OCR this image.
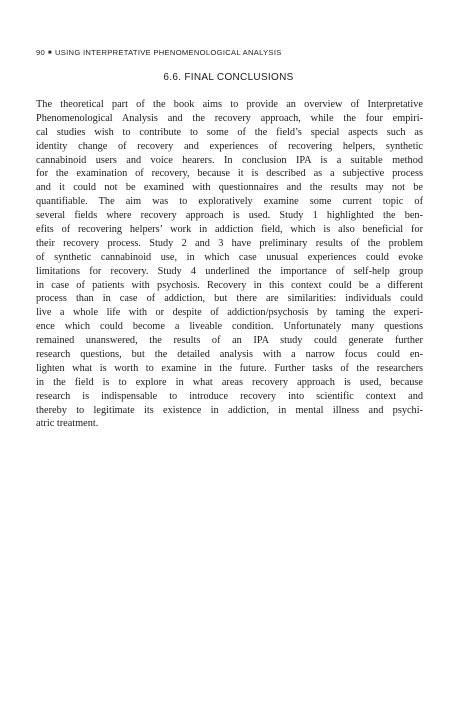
90 ■ USING INTERPRETATIVE PHENOMENOLOGICAL ANALYSIS
6.6. FINAL CONCLUSIONS
The theoretical part of the book aims to provide an overview of Interpretative
Phenomenological Analysis and the recovery approach, while the four empiri-
cal studies wish to contribute to some of the field’s special aspects such as
identity change of recovery and experiences of recovering helpers, synthetic
cannabinoid users and voice hearers. In conclusion IPA is a suitable method
for the examination of recovery, because it is described as a subjective process
and it could not be examined with questionnaires and the results may not be
quantifiable. The aim was to exploratively examine some current topic of
several fields where recovery approach is used. Study 1 highlighted the ben-
efits of recovering helpers’ work in addiction field, which is also beneficial for
their recovery process. Study 2 and 3 have preliminary results of the problem
of synthetic cannabinoid use, in which case unusual experiences could evoke
limitations for recovery. Study 4 underlined the importance of self-help group
in case of patients with psychosis. Recovery in this context could be a different
process than in case of addiction, but there are similarities: individuals could
live a whole life with or despite of addiction/psychosis by taming the experi-
ence which could become a liveable condition. Unfortunately many questions
remained unanswered, the results of an IPA study could generate further
research questions, but the detailed analysis with a narrow focus could en-
lighten what is worth to examine in the future. Further tasks of the researchers
in the field is to explore in what areas recovery approach is used, because
research is indispensable to introduce recovery into scientific context and
thereby to legitimate its existence in addiction, in mental illness and psychi-
atric treatment.
